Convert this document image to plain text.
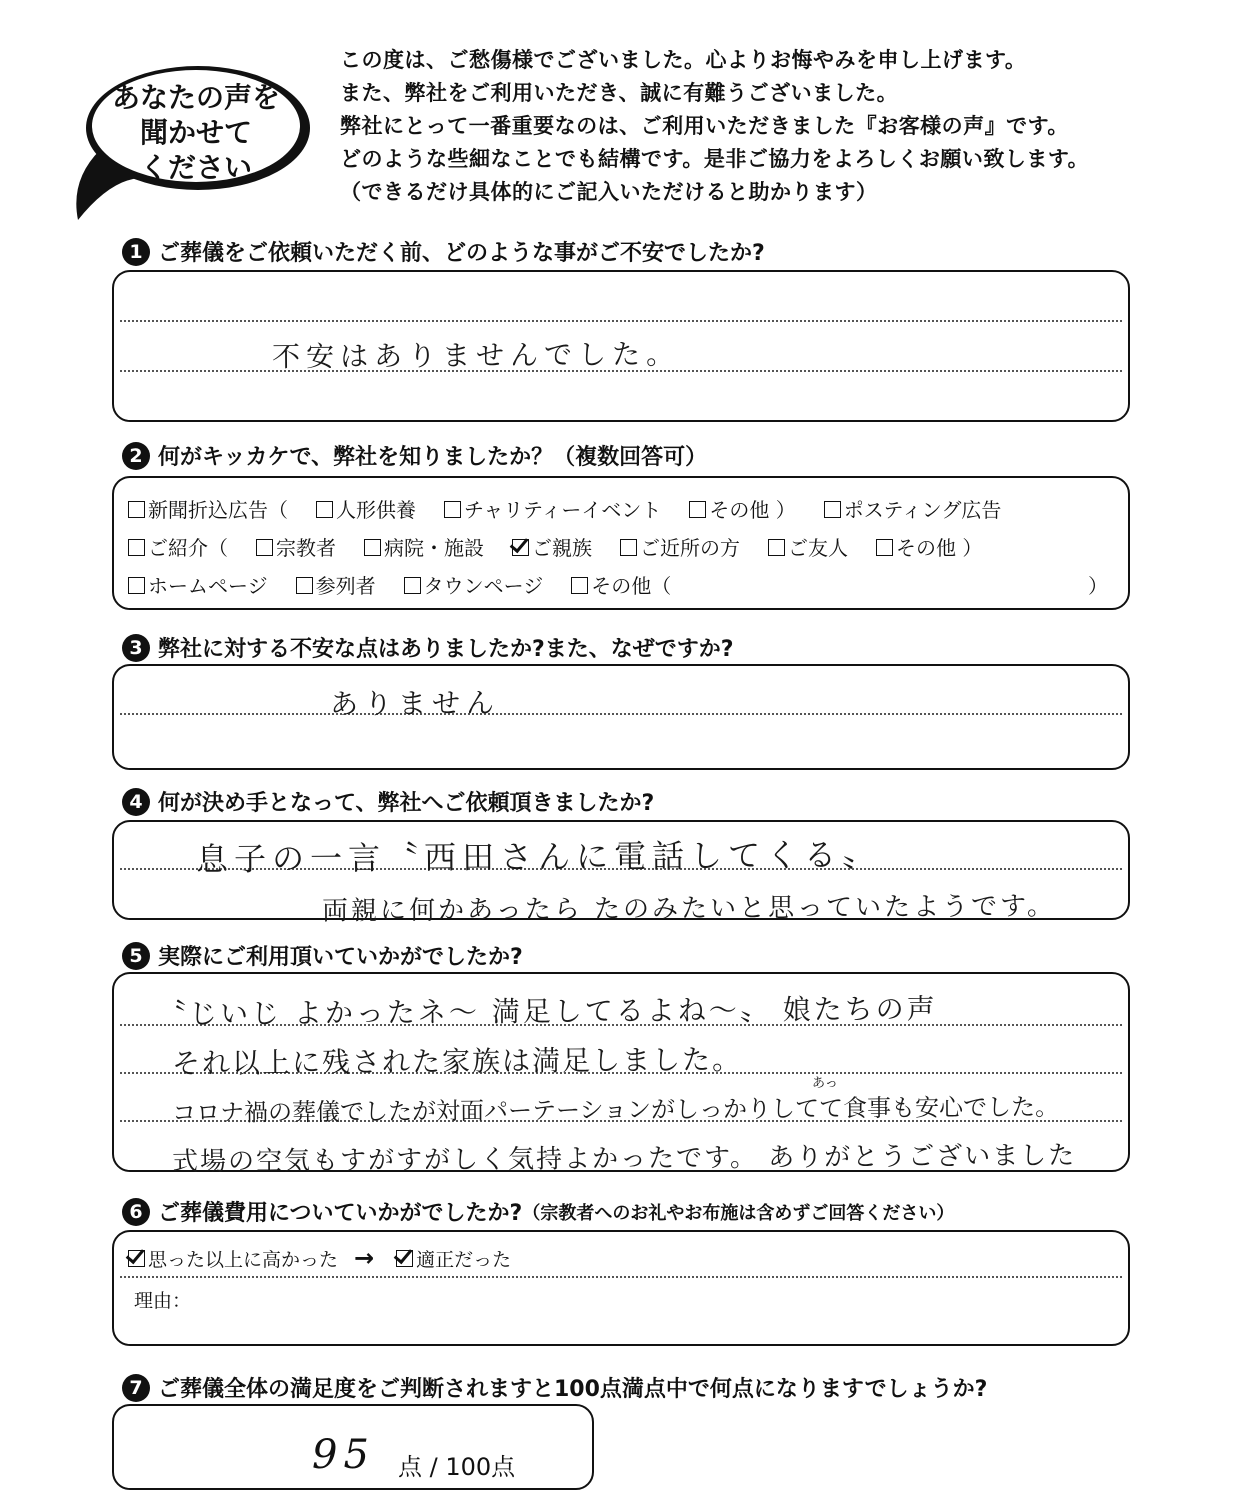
あなたの声を
聞かせて
ください
この度は、ご愁傷様でございました。心よりお悔やみを申し上げます。
また、弊社をご利用いただき、誠に有難うございました。
弊社にとって一番重要なのは、ご利用いただきました『お客様の声』です。
どのような些細なことでも結構です。是非ご協力をよろしくお願い致します。
（できるだけ具体的にご記入いただけると助かります）
1 ご葬儀をご依頼いただく前、どのような事がご不安でしたか?
不安はありませんでした。
2 何がキッカケで、弊社を知りましたか？（複数回答可）
新聞折込広告（ 人形供養 チャリティーイベント その他 ） ポスティング広告
ご紹介（ 宗教者 病院・施設 ご親族 ご近所の方 ご友人 その他 ）
ホームページ 参列者 タウンページ その他（	）
3 弊社に対する不安な点はありましたか?また、なぜですか?
ありません
4 何が決め手となって、弊社へご依頼頂きましたか?
息子の一言〝西田さんに電話してくる〟
両親に何かあったら たのみたいと思っていたようです。
5 実際にご利用頂いていかがでしたか?
〝じいじ よかったネ〜 満足してるよね〜〟 娘たちの声
それ以上に残された家族は満足しました。
あっ
コロナ禍の葬儀でしたが対面パーテーションがしっかりしてて食事も安心でした。
式場の空気もすがすがしく気持よかったです。 ありがとうございました
6 ご葬儀費用についていかがでしたか? （宗教者へのお礼やお布施は含めずご回答ください）
思った以上に高かった → 適正だった
理由：
7 ご葬儀全体の満足度をご判断されますと100点満点中で何点になりますでしょうか?
95 点 / 100点
